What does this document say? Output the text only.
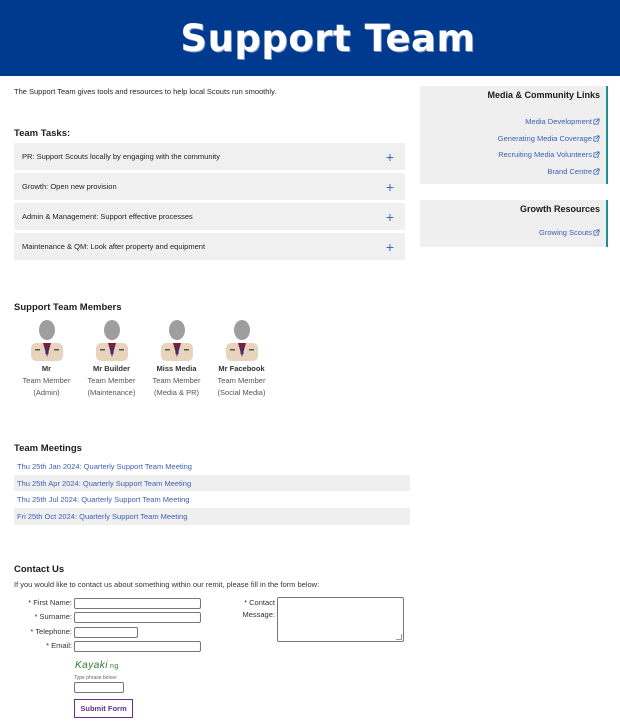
Support Team
The Support Team gives tools and resources to help local Scouts run smoothly.
Team Tasks:
PR: Support Scouts locally by engaging with the community	+
Growth: Open new provision	+
Admin & Management: Support effective processes	+
Maintenance & QM: Look after property and equipment	+
Support Team Members
Mr
Team Member
(Admin)
Mr Builder
Team Member
(Maintenance)
Miss Media
Team Member
(Media & PR)
Mr Facebook
Team Member
(Social Media)
Team Meetings
Thu 25th Jan 2024: Quarterly Support Team Meeting
Thu 25th Apr 2024: Quarterly Support Team Meeting
Thu 25th Jul 2024: Quarterly Support Team Meeting
Fri 25th Oct 2024: Quarterly Support Team Meeting
Contact Us
If you would like to contact us about something within our remit, please fill in the form below:
* First Name:
* Surname:
* Telephone:
* Email:
* Contact
Message:
Kayaki ng
Type phrase below:
Submit Form
Media & Community Links
Media Development
Generating Media Coverage
Recruiting Media Volunteers
Brand Centre
Growth Resources
Growing Scouts
